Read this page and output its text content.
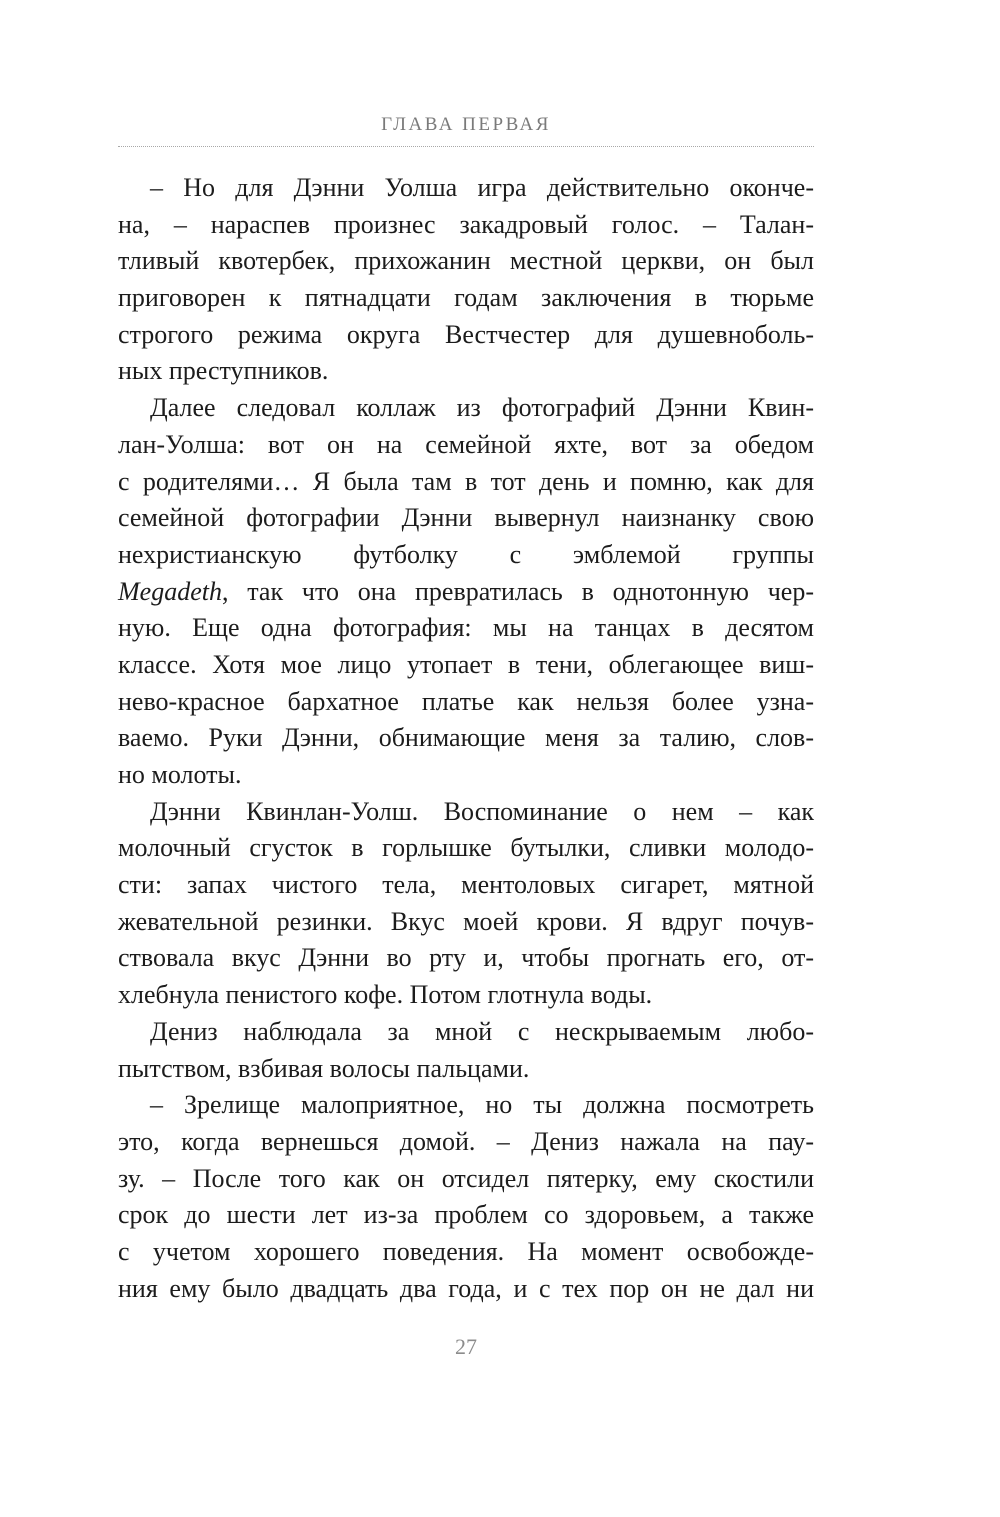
ГЛАВА ПЕРВАЯ
– Но для Дэнни Уолша игра действительно оконче-
на, – нараспев произнес закадровый голос. – Талан-
тливый квотербек, прихожанин местной церкви, он был
приговорен к пятнадцати годам заключения в тюрьме
строгого режима округа Вестчестер для душевноболь-
ных преступников.
Далее следовал коллаж из фотографий Дэнни Квин-
лан-Уолша: вот он на семейной яхте, вот за обедом
с родителями… Я была там в тот день и помню, как для
семейной фотографии Дэнни вывернул наизнанку свою
нехристианскую футболку с эмблемой группы
Megadeth, так что она превратилась в однотонную чер-
ную. Еще одна фотография: мы на танцах в десятом
классе. Хотя мое лицо утопает в тени, облегающее виш-
нево-красное бархатное платье как нельзя более узна-
ваемо. Руки Дэнни, обнимающие меня за талию, слов-
но молоты.
Дэнни Квинлан-Уолш. Воспоминание о нем – как
молочный сгусток в горлышке бутылки, сливки молодо-
сти: запах чистого тела, ментоловых сигарет, мятной
жевательной резинки. Вкус моей крови. Я вдруг почув-
ствовала вкус Дэнни во рту и, чтобы прогнать его, от-
хлебнула пенистого кофе. Потом глотнула воды.
Дениз наблюдала за мной с нескрываемым любо-
пытством, взбивая волосы пальцами.
– Зрелище малоприятное, но ты должна посмотреть
это, когда вернешься домой. – Дениз нажала на пау-
зу. – После того как он отсидел пятерку, ему скостили
срок до шести лет из-за проблем со здоровьем, а также
с учетом хорошего поведения. На момент освобожде-
ния ему было двадцать два года, и с тех пор он не дал ни
27
